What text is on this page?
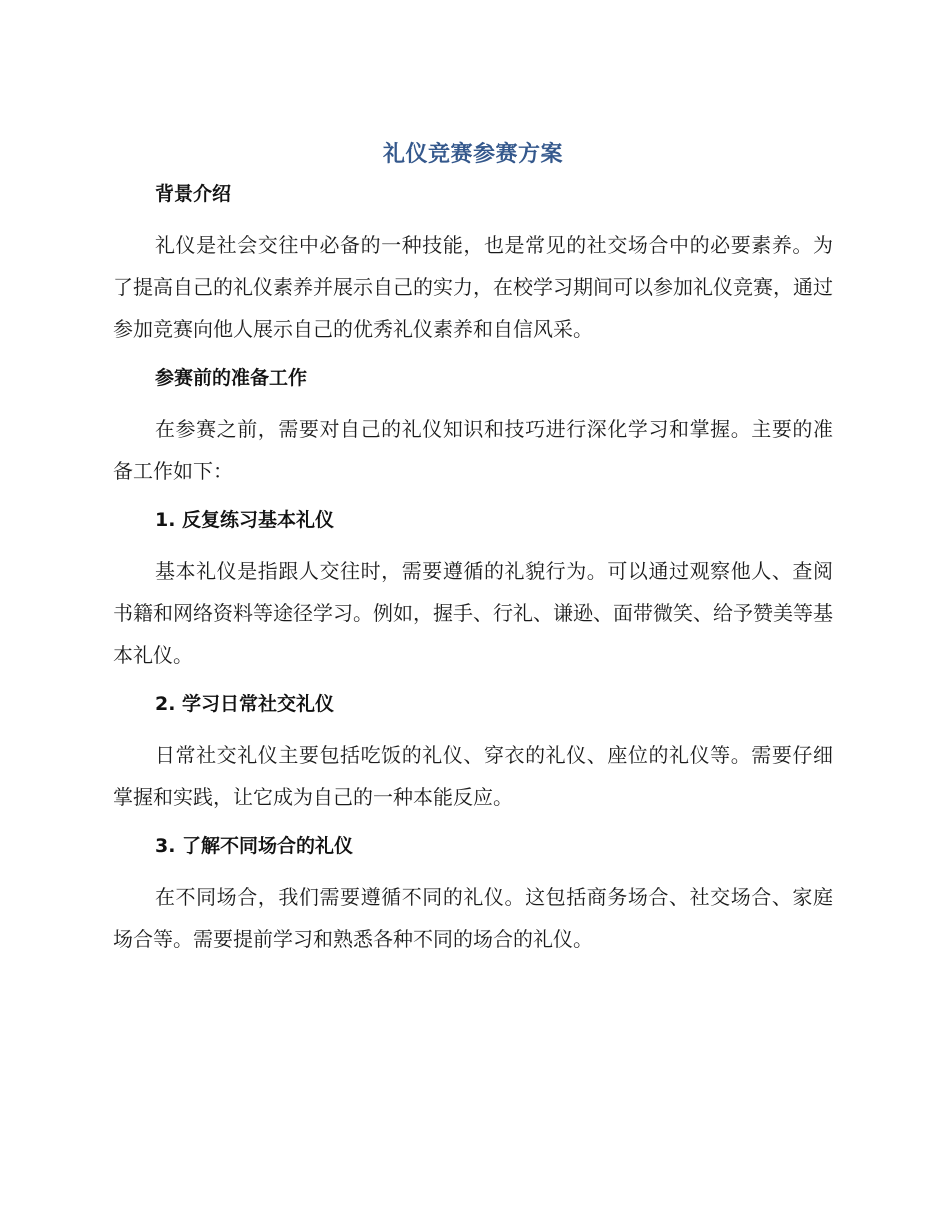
礼仪竞赛参赛方案
背景介绍

礼仪是社会交往中必备的一种技能，也是常见的社交场合中的必要素养。为了提高自己的礼仪素养并展示自己的实力，在校学习期间可以参加礼仪竞赛，通过参加竞赛向他人展示自己的优秀礼仪素养和自信风采。

参赛前的准备工作

在参赛之前，需要对自己的礼仪知识和技巧进行深化学习和掌握。主要的准备工作如下：

1. 反复练习基本礼仪

基本礼仪是指跟人交往时，需要遵循的礼貌行为。可以通过观察他人、查阅书籍和网络资料等途径学习。例如，握手、行礼、谦逊、面带微笑、给予赞美等基本礼仪。

2. 学习日常社交礼仪

日常社交礼仪主要包括吃饭的礼仪、穿衣的礼仪、座位的礼仪等。需要仔细掌握和实践，让它成为自己的一种本能反应。

3. 了解不同场合的礼仪

在不同场合，我们需要遵循不同的礼仪。这包括商务场合、社交场合、家庭场合等。需要提前学习和熟悉各种不同的场合的礼仪。
